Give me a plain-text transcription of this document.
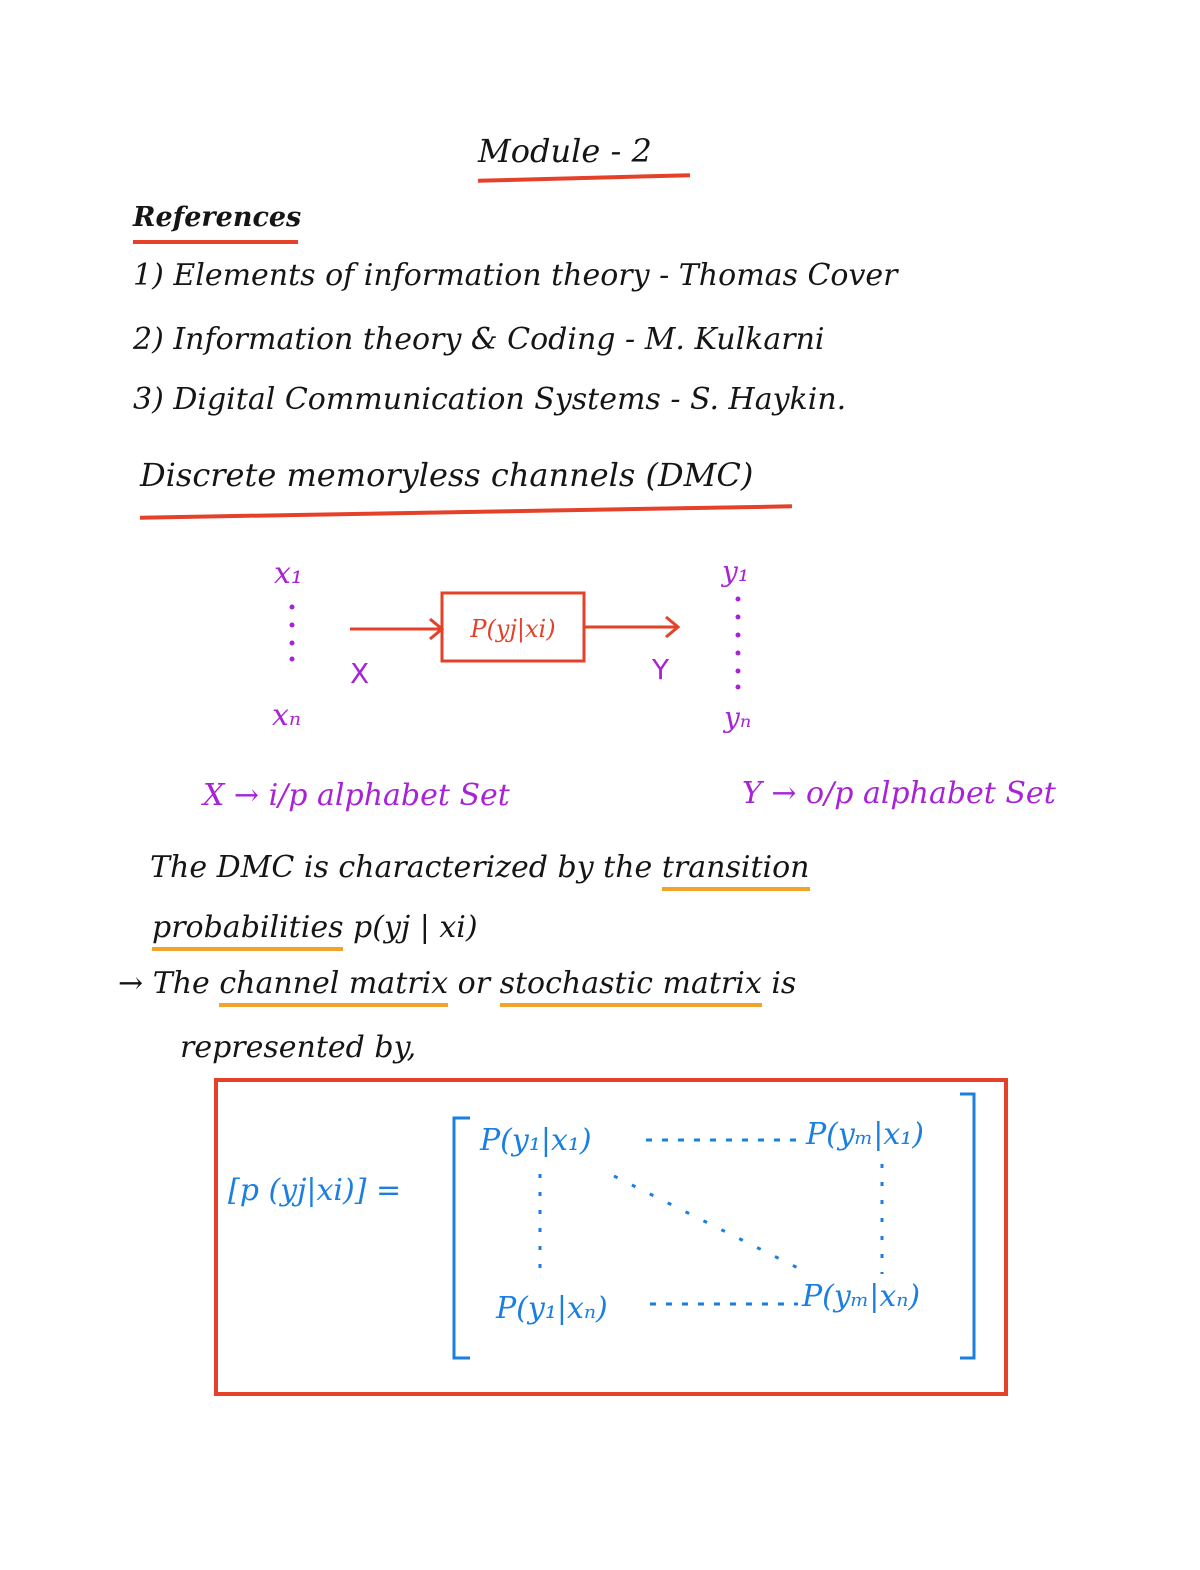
Module - 2
References
1) Elements of information theory - Thomas Cover
2) Information theory & Coding - M. Kulkarni
3) Digital Communication Systems - S. Haykin.
Discrete memoryless channels (DMC)
x₁
xₙ
X
P(yj|xi)
Y
y₁
yₙ
X → i/p alphabet Set	Y → o/p alphabet Set
The DMC is characterized by the transition
probabilities p(yj | xi)
→ The channel matrix or stochastic matrix is
represented by,
[p (yj|xi)] =
P(y₁|x₁)	P(yₘ|x₁)
P(y₁|xₙ)	P(yₘ|xₙ)
